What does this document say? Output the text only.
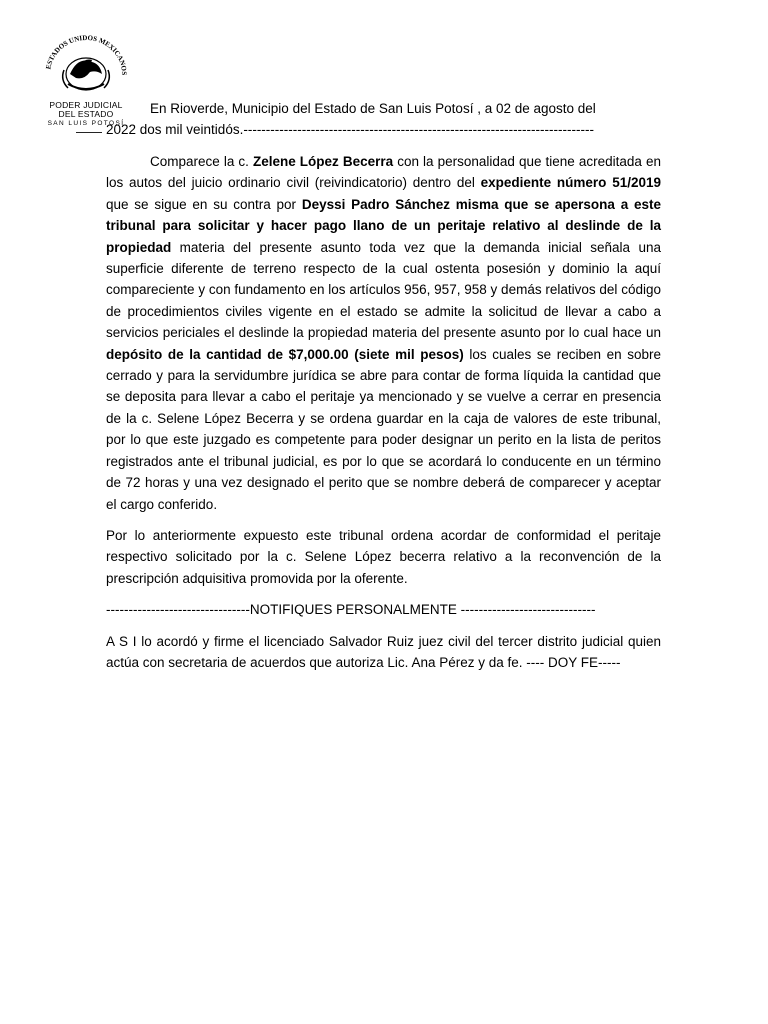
ESTADOS UNIDOS MEXICANOS
PODER JUDICIAL
DEL ESTADO
SAN LUIS POTOSÍ
En Rioverde, Municipio del Estado de San Luis Potosí , a 02 de agosto del
—— 2022 dos mil veintidós.------------------------------------------------------------------------------

Comparece la c. Zelene López Becerra con la personalidad que tiene acreditada en los autos del juicio ordinario civil (reivindicatorio) dentro del expediente número 51/2019 que se sigue en su contra por Deyssi Padro Sánchez misma que se apersona a este tribunal para solicitar y hacer pago llano de un peritaje relativo al deslinde de la propiedad materia del presente asunto toda vez que la demanda inicial señala una superficie diferente de terreno respecto de la cual ostenta posesión y dominio la aquí compareciente y con fundamento en los artículos 956, 957, 958 y demás relativos del código de procedimientos civiles vigente en el estado se admite la solicitud de llevar a cabo a servicios periciales el deslinde la propiedad materia del presente asunto por lo cual hace un depósito de la cantidad de $7,000.00 (siete mil pesos) los cuales se reciben en sobre cerrado y para la servidumbre jurídica se abre para contar de forma líquida la cantidad que se deposita para llevar a cabo el peritaje ya mencionado y se vuelve a cerrar en presencia de la c. Selene López Becerra y se ordena guardar en la caja de valores de este tribunal, por lo que este juzgado es competente para poder designar un perito en la lista de peritos registrados ante el tribunal judicial, es por lo que se acordará lo conducente en un término de 72 horas y una vez designado el perito que se nombre deberá de comparecer y aceptar el cargo conferido.

Por lo anteriormente expuesto este tribunal ordena acordar de conformidad el peritaje respectivo solicitado por la c. Selene López becerra relativo a la reconvención de la prescripción adquisitiva promovida por la oferente.

--------------------------------NOTIFIQUES PERSONALMENTE ------------------------------

A S I lo acordó y firme el licenciado Salvador Ruiz juez civil del tercer distrito judicial quien actúa con secretaria de acuerdos que autoriza Lic. Ana Pérez y da fe. ---- DOY FE-----
